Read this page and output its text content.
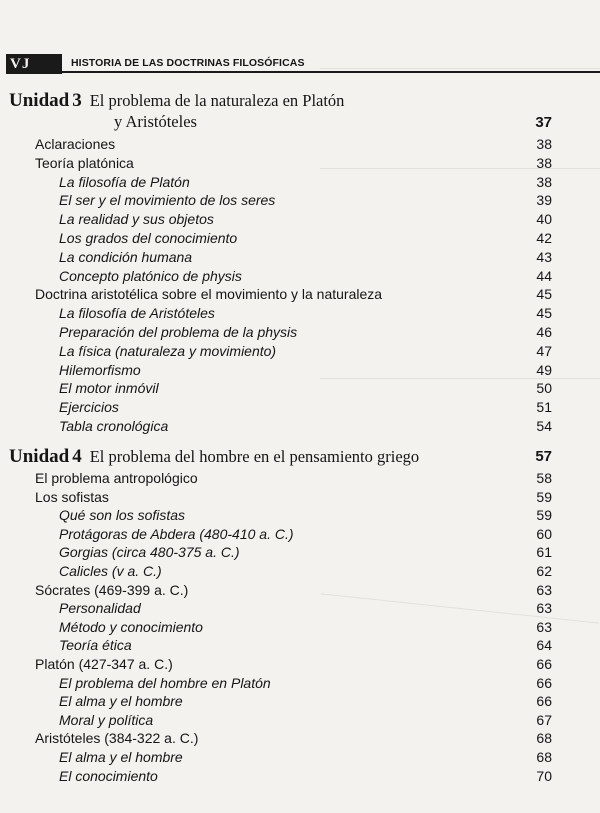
VJ	HISTORIA DE LAS DOCTRINAS FILOSÓFICAS
Unidad 3 El problema de la naturaleza en Platón
y Aristóteles	37
Aclaraciones	38
Teoría platónica	38
La filosofía de Platón	38
El ser y el movimiento de los seres	39
La realidad y sus objetos	40
Los grados del conocimiento	42
La condición humana	43
Concepto platónico de physis	44
Doctrina aristotélica sobre el movimiento y la naturaleza	45
La filosofía de Aristóteles	45
Preparación del problema de la physis	46
La física (naturaleza y movimiento)	47
Hilemorfismo	49
El motor inmóvil	50
Ejercicios	51
Tabla cronológica	54
Unidad 4 El problema del hombre en el pensamiento griego	57
El problema antropológico	58
Los sofistas	59
Qué son los sofistas	59
Protágoras de Abdera (480-410 a. C.)	60
Gorgias (circa 480-375 a. C.)	61
Calicles (v a. C.)	62
Sócrates (469-399 a. C.)	63
Personalidad	63
Método y conocimiento	63
Teoría ética	64
Platón (427-347 a. C.)	66
El problema del hombre en Platón	66
El alma y el hombre	66
Moral y política	67
Aristóteles (384-322 a. C.)	68
El alma y el hombre	68
El conocimiento	70
